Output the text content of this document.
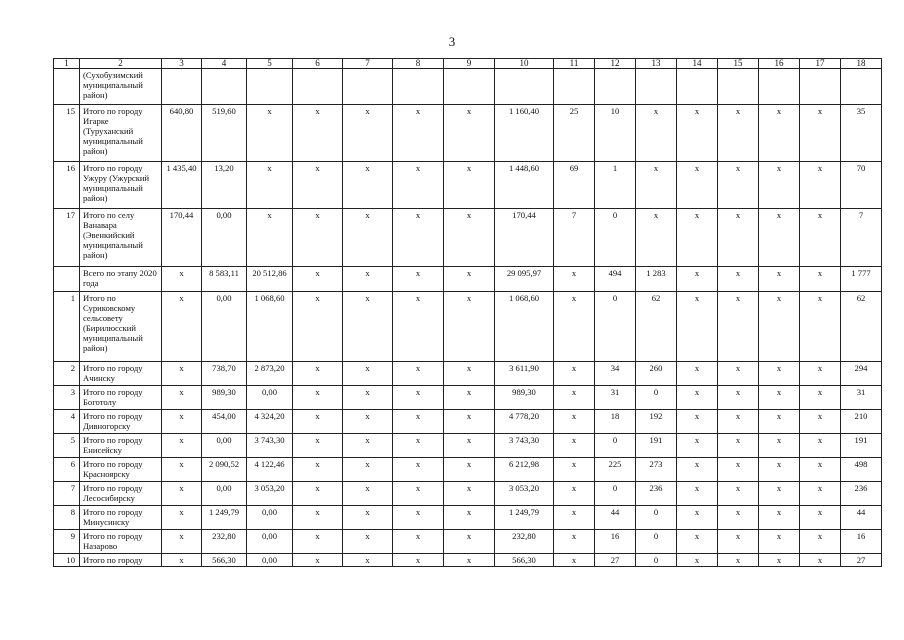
3
1	2	3	4	5	6	7	8	9	10	11	12	13	14	15	16	17	18
	(Сухобузимский муниципальный район)																
15	Итого по городу Игарке (Туруханский муниципальный район)	640,80	519,60	х	х	х	х	х	1 160,40	25	10	х	х	х	х	х	35
16	Итого по городу Ужуру (Ужурский муниципальный район)	1 435,40	13,20	х	х	х	х	х	1 448,60	69	1	х	х	х	х	х	70
17	Итого по селу Ванавара (Эвенкийский муниципальный район)	170,44	0,00	х	х	х	х	х	170,44	7	0	х	х	х	х	х	7
	Всего по этапу 2020 года	х	8 583,11	20 512,86	х	х	х	х	29 095,97	х	494	1 283	х	х	х	х	1 777
1	Итого по Суриковскому сельсовету (Бирилюсский муниципальный район)	х	0,00	1 068,60	х	х	х	х	1 068,60	х	0	62	х	х	х	х	62
2	Итого по городу Ачинску	х	738,70	2 873,20	х	х	х	х	3 611,90	х	34	260	х	х	х	х	294
3	Итого по городу Боготолу	х	989,30	0,00	х	х	х	х	989,30	х	31	0	х	х	х	х	31
4	Итого по городу Дивногорску	х	454,00	4 324,20	х	х	х	х	4 778,20	х	18	192	х	х	х	х	210
5	Итого по городу Енисейску	х	0,00	3 743,30	х	х	х	х	3 743,30	х	0	191	х	х	х	х	191
6	Итого по городу Красноярску	х	2 090,52	4 122,46	х	х	х	х	6 212,98	х	225	273	х	х	х	х	498
7	Итого по городу Лесосибирску	х	0,00	3 053,20	х	х	х	х	3 053,20	х	0	236	х	х	х	х	236
8	Итого по городу Минусинску	х	1 249,79	0,00	х	х	х	х	1 249,79	х	44	0	х	х	х	х	44
9	Итого по городу Назарово	х	232,80	0,00	х	х	х	х	232,80	х	16	0	х	х	х	х	16
10	Итого по городу	х	566,30	0,00	х	х	х	х	566,30	х	27	0	х	х	х	х	27
